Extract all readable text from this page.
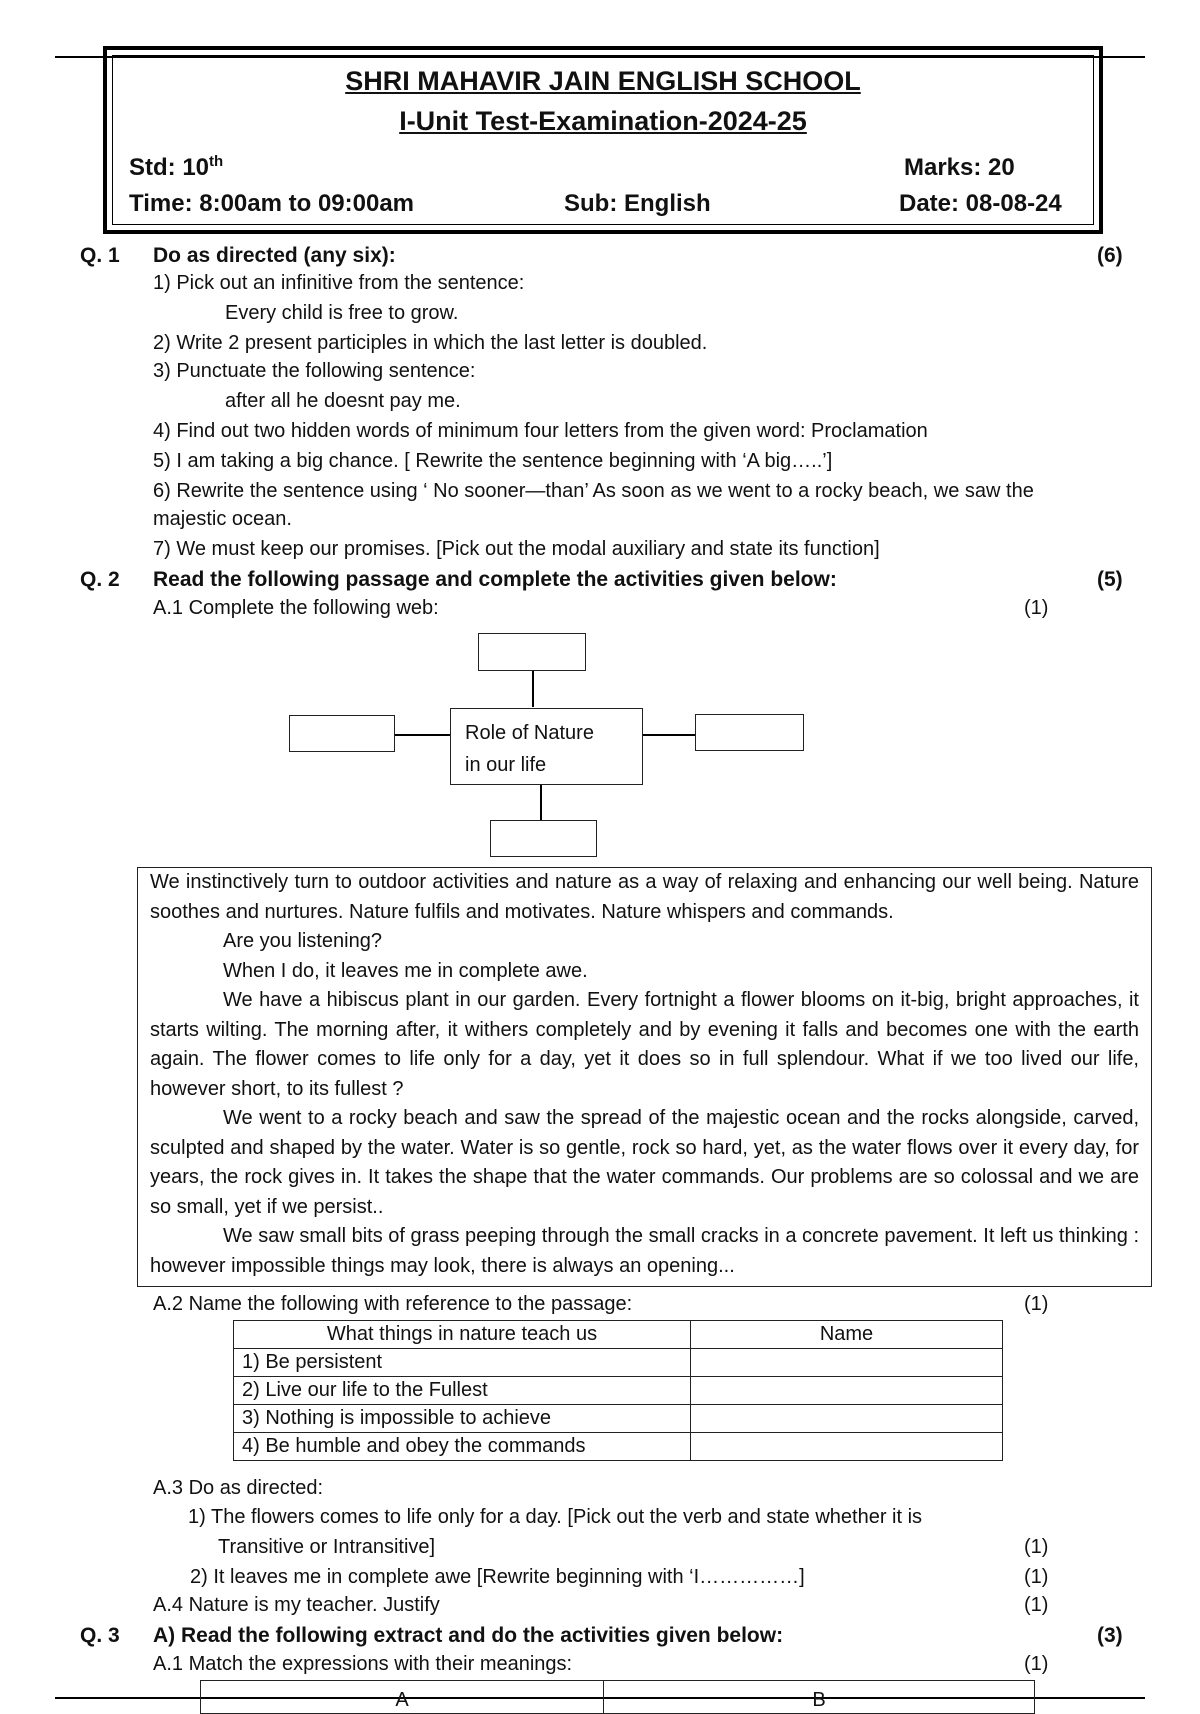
SHRI MAHAVIR JAIN ENGLISH SCHOOL
I-Unit Test-Examination-2024-25
Std: 10th	Marks: 20
Time: 8:00am to 09:00am	Sub: English	Date: 08-08-24
Q. 1 Do as directed (any six):	(6)
1) Pick out an infinitive from the sentence:
Every child is free to grow.
2) Write 2 present participles in which the last letter is doubled.
3) Punctuate the following sentence:
after all he doesnt pay me.
4) Find out two hidden words of minimum four letters from the given word: Proclamation
5) I am taking a big chance. [ Rewrite the sentence beginning with ‘A big…..’]
6) Rewrite the sentence using ‘ No sooner—than’ As soon as we went to a rocky beach, we saw the
majestic ocean.
7) We must keep our promises. [Pick out the modal auxiliary and state its function]
Q. 2 Read the following passage and complete the activities given below:	(5)
A.1 Complete the following web:	(1)
Role of Nature
in our life

We instinctively turn to outdoor activities and nature as a way of relaxing and enhancing our well being. Nature soothes and nurtures. Nature fulfils and motivates. Nature whispers and commands.

Are you listening?

When I do, it leaves me in complete awe.

We have a hibiscus plant in our garden. Every fortnight a flower blooms on it-big, bright approaches, it starts wilting. The morning after, it withers completely and by evening it falls and becomes one with the earth again. The flower comes to life only for a day, yet it does so in full splendour. What if we too lived our life, however short, to its fullest ?

We went to a rocky beach and saw the spread of the majestic ocean and the rocks alongside, carved, sculpted and shaped by the water. Water is so gentle, rock so hard, yet, as the water flows over it every day, for years, the rock gives in. It takes the shape that the water commands. Our problems are so colossal and we are so small, yet if we persist..

We saw small bits of grass peeping through the small cracks in a concrete pavement. It left us thinking : however impossible things may look, there is always an opening...

A.2 Name the following with reference to the passage:	(1)
What things in nature teach us	Name
1) Be persistent	
2) Live our life to the Fullest	
3) Nothing is impossible to achieve	
4) Be humble and obey the commands	
A.3 Do as directed:
1) The flowers comes to life only for a day. [Pick out the verb and state whether it is
Transitive or Intransitive]	(1)
2) It leaves me in complete awe [Rewrite beginning with ‘I……………]	(1)
A.4 Nature is my teacher. Justify	(1)
Q. 3 A) Read the following extract and do the activities given below:	(3)
A.1 Match the expressions with their meanings:	(1)
A	B
